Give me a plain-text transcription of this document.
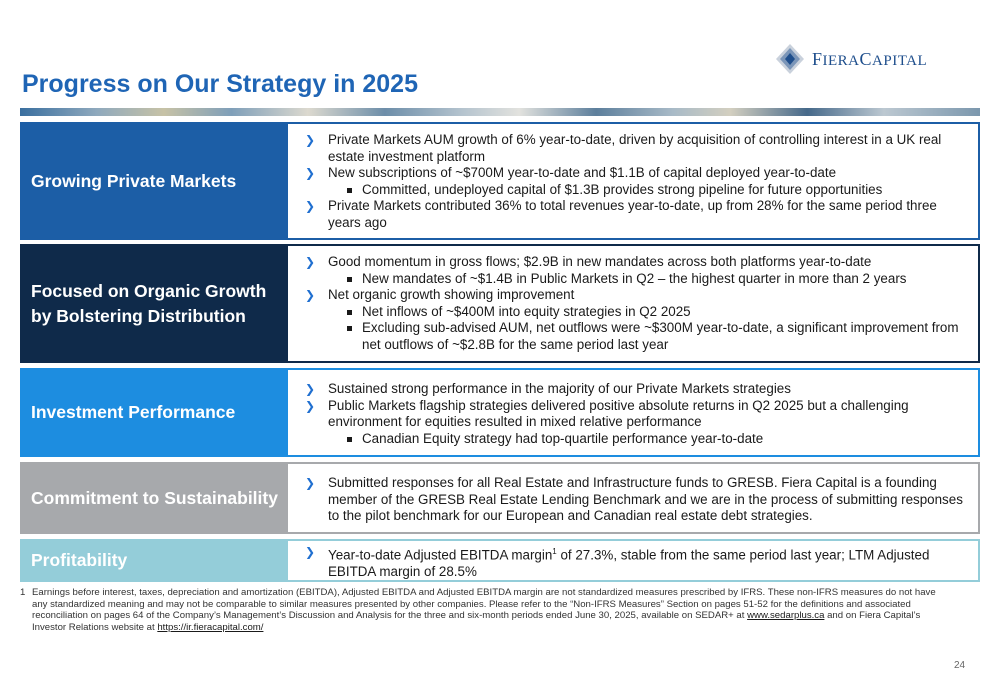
Progress on Our Strategy in 2025
FIERACAPITAL
Growing Private Markets
❯ Private Markets AUM growth of 6% year-to-date, driven by acquisition of controlling interest in a UK real estate investment platform
❯ New subscriptions of ~$700M year-to-date and $1.1B of capital deployed year-to-date
Committed, undeployed capital of $1.3B provides strong pipeline for future opportunities
❯ Private Markets contributed 36% to total revenues year-to-date, up from 28% for the same period three years ago
Focused on Organic Growth by Bolstering Distribution
❯ Good momentum in gross flows; $2.9B in new mandates across both platforms year-to-date
New mandates of ~$1.4B in Public Markets in Q2 – the highest quarter in more than 2 years
❯ Net organic growth showing improvement
Net inflows of ~$400M into equity strategies in Q2 2025
Excluding sub-advised AUM, net outflows were ~$300M year-to-date, a significant improvement from net outflows of ~$2.8B for the same period last year
Investment Performance
❯ Sustained strong performance in the majority of our Private Markets strategies
❯ Public Markets flagship strategies delivered positive absolute returns in Q2 2025 but a challenging environment for equities resulted in mixed relative performance
Canadian Equity strategy had top-quartile performance year-to-date
Commitment to Sustainability
❯ Submitted responses for all Real Estate and Infrastructure funds to GRESB. Fiera Capital is a founding member of the GRESB Real Estate Lending Benchmark and we are in the process of submitting responses to the pilot benchmark for our European and Canadian real estate debt strategies.
Profitability
❯	Year-to-date Adjusted EBITDA margin$^1$ of 27.3%, stable from the same period last year; LTM Adjusted EBITDA margin of 28.5%
1 Earnings before interest, taxes, depreciation and amortization (EBITDA), Adjusted EBITDA and Adjusted EBITDA margin are not standardized measures prescribed by IFRS. These non-IFRS measures do not have any standardized meaning and may not be comparable to similar measures presented by other companies. Please refer to the “Non-IFRS Measures” Section on pages 51-52 for the definitions and associated reconciliation on pages 64 of the Company’s Management’s Discussion and Analysis for the three and six-month periods ended June 30, 2025, available on SEDAR+ at www.sedarplus.ca and on Fiera Capital’s Investor Relations website at https://ir.fieracapital.com/
24
